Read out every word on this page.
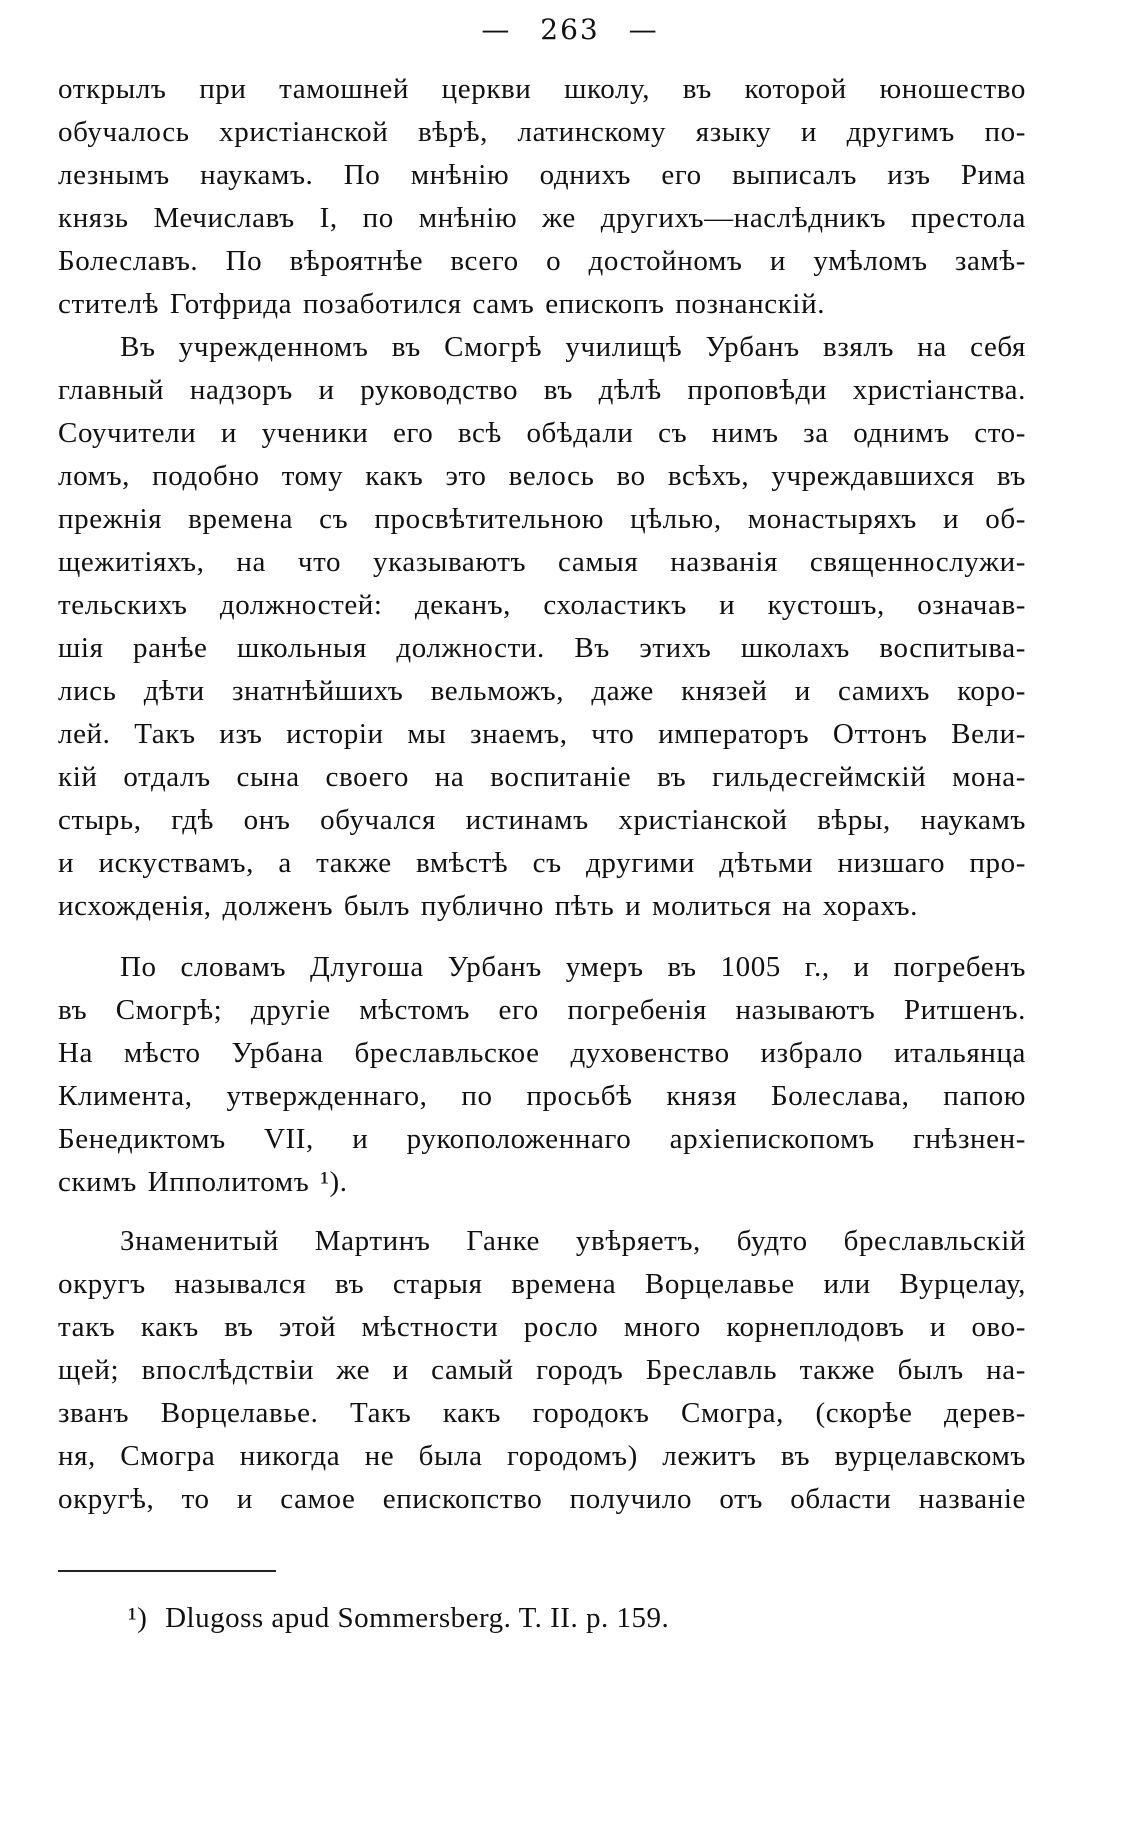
— 263 —
открылъ при тамошней церкви школу, въ которой юношество
обучалось христіанской вѣрѣ, латинскому языку и другимъ по-
лезнымъ наукамъ. По мнѣнію однихъ его выписалъ изъ Рима
князь Мечиславъ I, по мнѣнію же другихъ—наслѣдникъ престола
Болеславъ. По вѣроятнѣе всего о достойномъ и умѣломъ замѣ-
стителѣ Готфрида позаботился самъ епископъ познанскій.
Въ учрежденномъ въ Смогрѣ училищѣ Урбанъ взялъ на себя
главный надзоръ и руководство въ дѣлѣ проповѣди христіанства.
Соучители и ученики его всѣ обѣдали съ нимъ за однимъ сто-
ломъ, подобно тому какъ это велось во всѣхъ, учреждавшихся въ
прежнія времена съ просвѣтительною цѣлью, монастыряхъ и об-
щежитіяхъ, на что указываютъ самыя названія священнослужи-
тельскихъ должностей: деканъ, схоластикъ и кустошъ, означав-
шія ранѣе школьныя должности. Въ этихъ школахъ воспитыва-
лись дѣти знатнѣйшихъ вельможъ, даже князей и самихъ коро-
лей. Такъ изъ исторіи мы знаемъ, что императоръ Оттонъ Вели-
кій отдалъ сына своего на воспитаніе въ гильдесгеймскій мона-
стырь, гдѣ онъ обучался истинамъ христіанской вѣры, наукамъ
и искуствамъ, а также вмѣстѣ съ другими дѣтьми низшаго про-
исхожденія, долженъ былъ публично пѣть и молиться на хорахъ.
По словамъ Длугоша Урбанъ умеръ въ 1005 г., и погребенъ
въ Смогрѣ; другіе мѣстомъ его погребенія называютъ Ритшенъ.
На мѣсто Урбана бреславльское духовенство избрало итальянца
Климента, утвержденнаго, по просьбѣ князя Болеслава, папою
Бенедиктомъ VII, и рукоположеннаго архіепископомъ гнѣзнен-
скимъ Ипполитомъ ¹).
Знаменитый Мартинъ Ганке увѣряетъ, будто бреславльскій
округъ назывался въ старыя времена Ворцелавье или Вурцелау,
такъ какъ въ этой мѣстности росло много корнеплодовъ и ово-
щей; впослѣдствіи же и самый городъ Бреславль также былъ на-
званъ Ворцелавье. Такъ какъ городокъ Смогра, (скорѣе дерев-
ня, Смогра никогда не была городомъ) лежитъ въ вурцелавскомъ
округѣ, то и самое епископство получило отъ области названіе
¹) Dlugoss apud Sommersberg. T. II. p. 159.
